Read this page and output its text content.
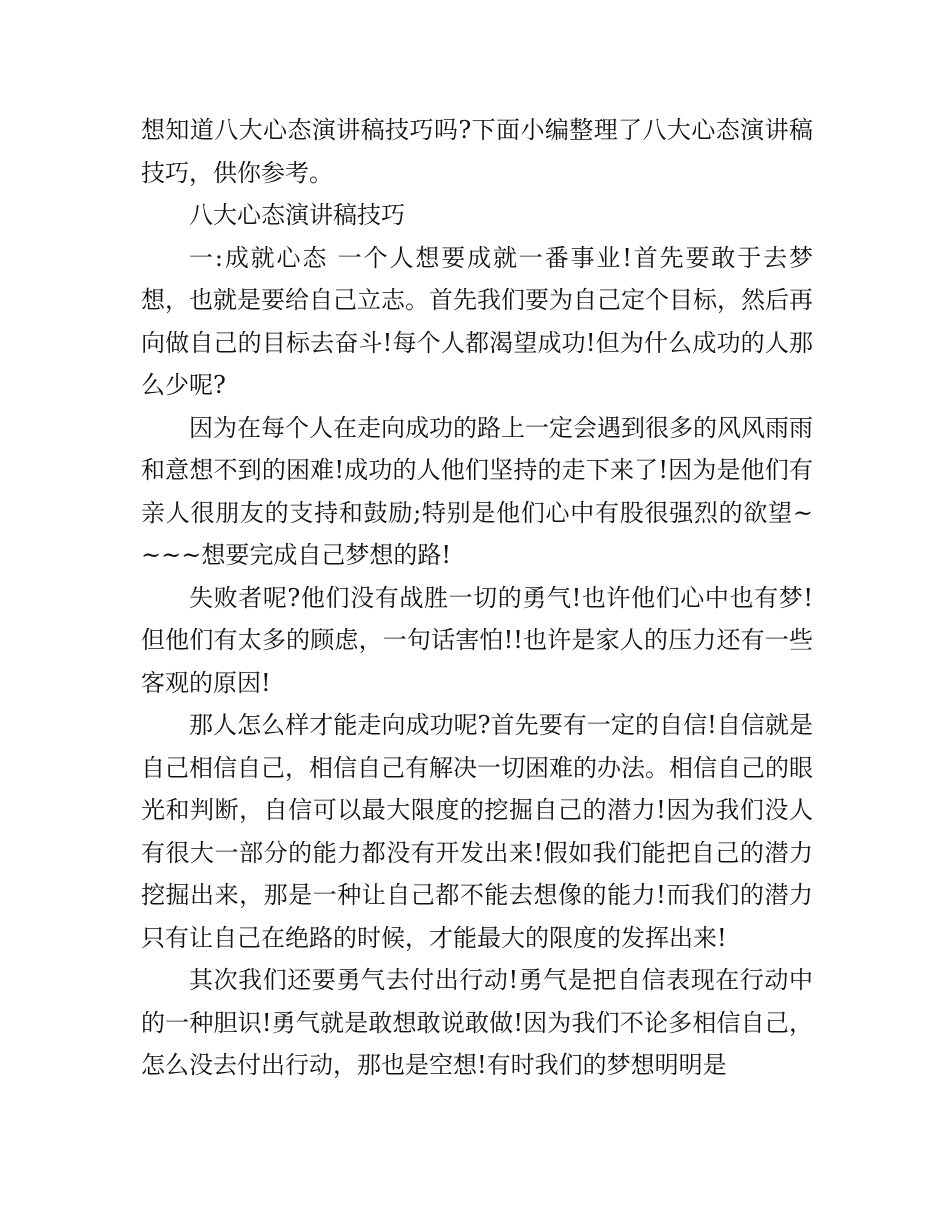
想知道八大心态演讲稿技巧吗?下面小编整理了八大心态演讲稿技巧，供你参考。

八大心态演讲稿技巧

一:成就心态 一个人想要成就一番事业!首先要敢于去梦想，也就是要给自己立志。首先我们要为自己定个目标，然后再向做自己的目标去奋斗!每个人都渴望成功!但为什么成功的人那么少呢?

因为在每个人在走向成功的路上一定会遇到很多的风风雨雨和意想不到的困难!成功的人他们坚持的走下来了!因为是他们有亲人很朋友的支持和鼓励;特别是他们心中有股很强烈的欲望~~~~想要完成自己梦想的路!

失败者呢?他们没有战胜一切的勇气!也许他们心中也有梦!但他们有太多的顾虑，一句话害怕!!也许是家人的压力还有一些客观的原因!

那人怎么样才能走向成功呢?首先要有一定的自信!自信就是自己相信自己，相信自己有解决一切困难的办法。相信自己的眼光和判断，自信可以最大限度的挖掘自己的潜力!因为我们没人有很大一部分的能力都没有开发出来!假如我们能把自己的潜力挖掘出来，那是一种让自己都不能去想像的能力!而我们的潜力只有让自己在绝路的时候，才能最大的限度的发挥出来!

其次我们还要勇气去付出行动!勇气是把自信表现在行动中的一种胆识!勇气就是敢想敢说敢做!因为我们不论多相信自己，怎么没去付出行动，那也是空想!有时我们的梦想明明是
